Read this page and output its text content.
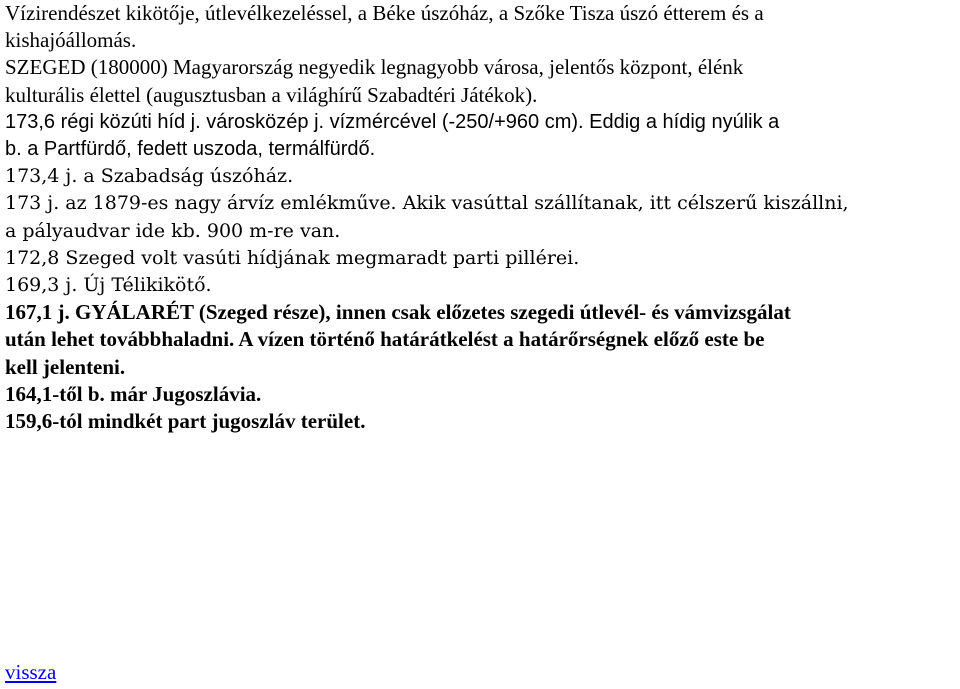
Vízirendészet kikötője, útlevélkezeléssel, a Béke úszóház, a Szőke Tisza úszó étterem és a

kishajóállomás.

SZEGED (180000) Magyarország negyedik legnagyobb városa, jelentős központ, élénk

kulturális élettel (augusztusban a világhírű Szabadtéri Játékok).

173,6 régi közúti híd j. városközép j. vízmércével (-250/+960 cm). Eddig a hídig nyúlik a

b. a Partfürdő, fedett uszoda, termálfürdő.

173,4 j. a Szabadság úszóház.

173 j. az 1879-es nagy árvíz emlékműve. Akik vasúttal szállítanak, itt célszerű kiszállni,

a pályaudvar ide kb. 900 m-re van.

172,8 Szeged volt vasúti hídjának megmaradt parti pillérei.

169,3 j. Új Télikikötő.

167,1 j. GYÁLARÉT (Szeged része), innen csak előzetes szegedi útlevél- és vámvizsgálat

után lehet továbbhaladni. A vízen történő határátkelést a határőrségnek előző este be

kell jelenteni.

164,1-től b. már Jugoszlávia.

159,6-tól mindkét part jugoszláv terület.

vissza
